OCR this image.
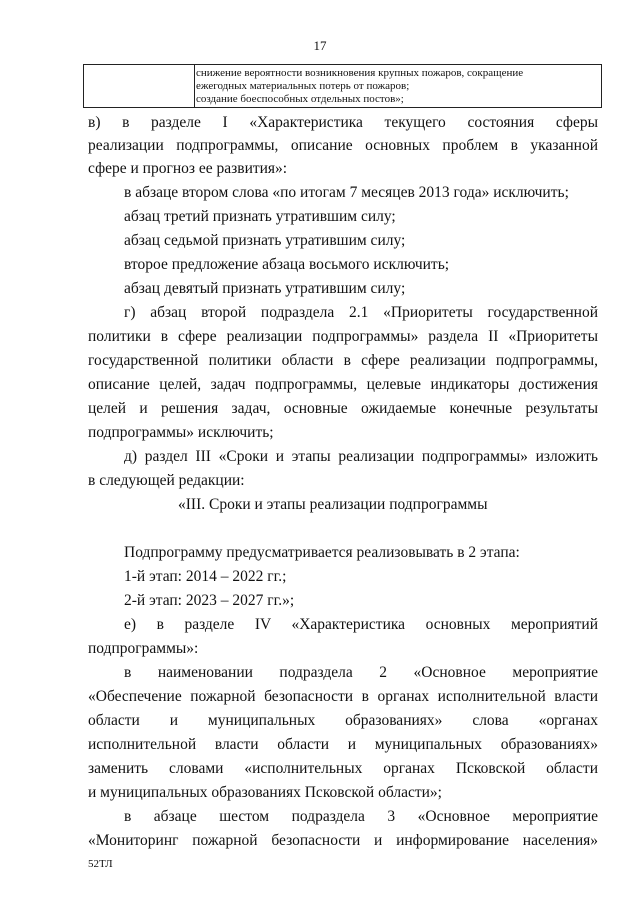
17
снижение вероятности возникновения крупных пожаров, сокращение
ежегодных материальных потерь от пожаров;
создание боеспособных отдельных постов»;
в) в разделе I «Характеристика текущего состояния сферы
реализации подпрограммы, описание основных проблем в указанной
сфере и прогноз ее развития»:
в абзаце втором слова «по итогам 7 месяцев 2013 года» исключить;
абзац третий признать утратившим силу;
абзац седьмой признать утратившим силу;
второе предложение абзаца восьмого исключить;
абзац девятый признать утратившим силу;
г) абзац второй подраздела 2.1 «Приоритеты государственной
политики в сфере реализации подпрограммы» раздела II «Приоритеты
государственной политики области в сфере реализации подпрограммы,
описание целей, задач подпрограммы, целевые индикаторы достижения
целей и решения задач, основные ожидаемые конечные результаты
подпрограммы» исключить;
д) раздел III «Сроки и этапы реализации подпрограммы» изложить
в следующей редакции:
«III. Сроки и этапы реализации подпрограммы
Подпрограмму предусматривается реализовывать в 2 этапа:
1-й этап: 2014 – 2022 гг.;
2-й этап: 2023 – 2027 гг.»;
е) в разделе IV «Характеристика основных мероприятий
подпрограммы»:
в наименовании подраздела 2 «Основное мероприятие
«Обеспечение пожарной безопасности в органах исполнительной власти
области и муниципальных образованиях» слова «органах
исполнительной власти области и муниципальных образованиях»
заменить словами «исполнительных органах Псковской области
и муниципальных образованиях Псковской области»;
в абзаце шестом подраздела 3 «Основное мероприятие
«Мониторинг пожарной безопасности и информирование населения»
52ТЛ
